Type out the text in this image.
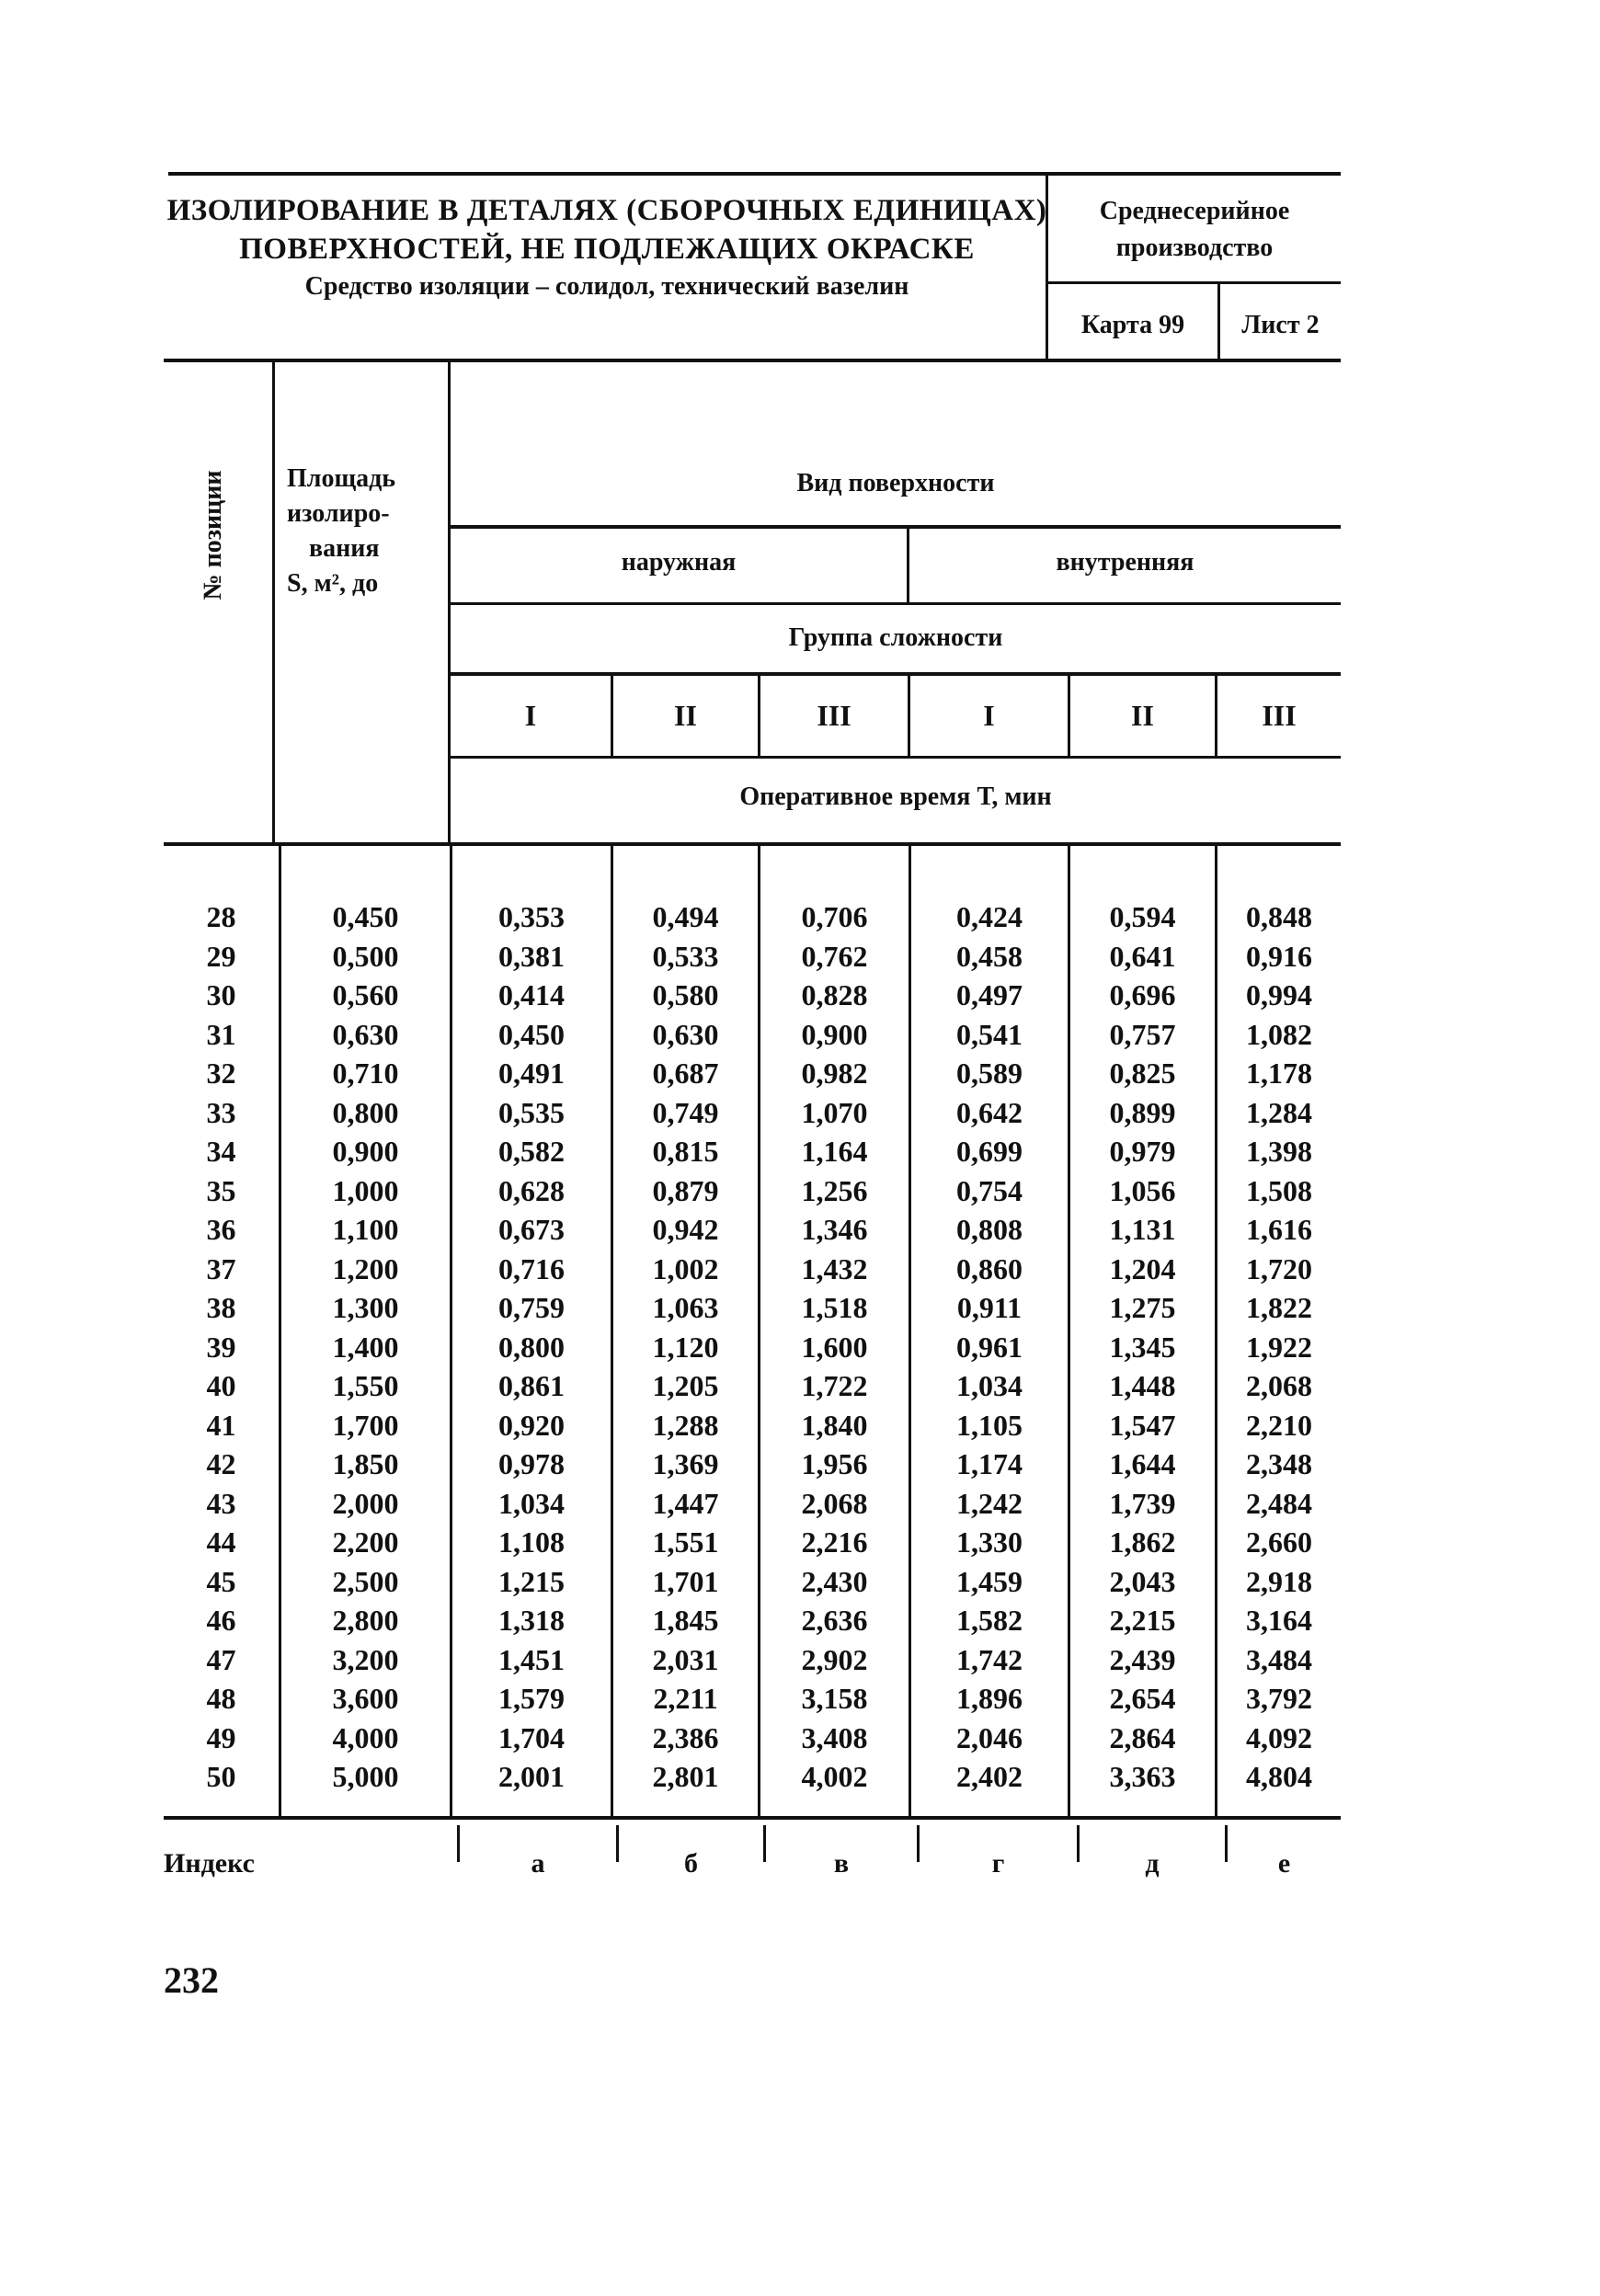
ИЗОЛИРОВАНИЕ В ДЕТАЛЯХ (СБОРОЧНЫХ ЕДИНИЦАХ)
ПОВЕРХНОСТЕЙ, НЕ ПОДЛЕЖАЩИХ ОКРАСКЕ
Средство изоляции – солидол, технический вазелин
Среднесерийное
производство
Карта 99	Лист 2
№ позиции Площадь
изолиро-
вания
S, м², до
Вид поверхности
наружная	внутренняя
Группа сложности
I	II	III	I	II	III
Оперативное время Т, мин
28	0,450	0,353	0,494	0,706	0,424	0,594	0,848
29	0,500	0,381	0,533	0,762	0,458	0,641	0,916
30	0,560	0,414	0,580	0,828	0,497	0,696	0,994
31	0,630	0,450	0,630	0,900	0,541	0,757	1,082
32	0,710	0,491	0,687	0,982	0,589	0,825	1,178
33	0,800	0,535	0,749	1,070	0,642	0,899	1,284
34	0,900	0,582	0,815	1,164	0,699	0,979	1,398
35	1,000	0,628	0,879	1,256	0,754	1,056	1,508
36	1,100	0,673	0,942	1,346	0,808	1,131	1,616
37	1,200	0,716	1,002	1,432	0,860	1,204	1,720
38	1,300	0,759	1,063	1,518	0,911	1,275	1,822
39	1,400	0,800	1,120	1,600	0,961	1,345	1,922
40	1,550	0,861	1,205	1,722	1,034	1,448	2,068
41	1,700	0,920	1,288	1,840	1,105	1,547	2,210
42	1,850	0,978	1,369	1,956	1,174	1,644	2,348
43	2,000	1,034	1,447	2,068	1,242	1,739	2,484
44	2,200	1,108	1,551	2,216	1,330	1,862	2,660
45	2,500	1,215	1,701	2,430	1,459	2,043	2,918
46	2,800	1,318	1,845	2,636	1,582	2,215	3,164
47	3,200	1,451	2,031	2,902	1,742	2,439	3,484
48	3,600	1,579	2,211	3,158	1,896	2,654	3,792
49	4,000	1,704	2,386	3,408	2,046	2,864	4,092
50	5,000	2,001	2,801	4,002	2,402	3,363	4,804
Индекс	а	б	в	г	д	е
232
